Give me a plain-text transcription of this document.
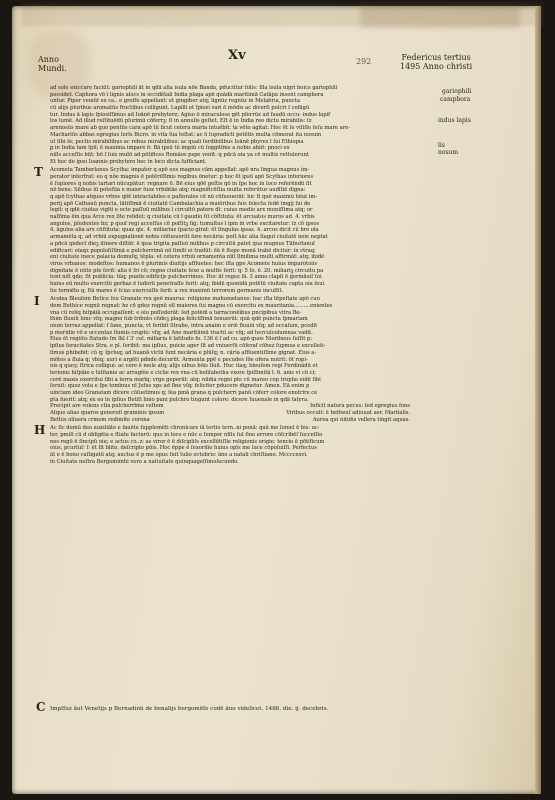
Anno
Mundi.
Xv	292	Federicus tertius
1495 Anno christi
gariophili
campbora
indus lapis
lis
nosum
ad sole exiccare faciūt: gariophili āt in qdā alia isula nōe Banda, pducūtur folis: Illa isula nigri boics gariophili
possidet. Caphora vō ī lignis alocs in occidētali India plaga apō quādā maritimā Catāpa insent campbora
untur. Piper veniūt ex ca.. e groſſe appellant: et gingiber atq; lignūz regnūz in Melabria, puncta
cū alijs pluribus aromatūs fructibus colligunt. Lapilli et ſpiosi vari ō mōdis ac diverſi pulcri ſ colligū
tur. Indus ā lapis ſpiosiſſimus ad Ioānē prebyterz; Agiso ō miraculose gēt pferrūz ad fuadū occu- indus lapif
los lumē. Ad illud reſtituēdū plurimū cōferrꝫ: ſi in annulis geſtet. Eſt ē in India reo dictu mirabilis: ſz
arenosūs mare ab quo pentūs cara apō tū ſicut cetera maria intuēbit: ta vēto agitat: Hoc ēt ſe viſiſſe ſeſu mare are-
Machariūs abbas egregius ſerīs Bicro. in vita ſua teſtat: ac ō ſupradicti potētis multa cōmorat ita nosum
ut ſibi ſe; pectis mirabilibus ac rebus mirabilibus: ac quali ſerdibilibus Ioānē pbyrez ī ſui Ethiopia
ꝑ in India tam ſpiī; ē maxima impare ō: Bā ipsū tū impiū cū ſoggitīme a nobis abiit: pnoci ex
niſis acceſſis būt: bō ſ ſuis mulū ad pōtifices Romāos pspe venīt: q pdcā oia ya cē multis rettulerunt
Et hoc de ipso Ioannis prebytero hec in loco dicta ſufficiant.
T Acometa Tamberlanus Scytha: impator q apō eos magnus cām appellat: apō nra lingua magnus im-
perator interfrat: eo q nōe magnis ē potēriſſimis regibus ōnetur: p hoc ēt ipsū apō Scythas inferiores
ē ſupiores q nobis tartari nūcupātur: regnare ō. Bē eius qōē geſtis qō in ſpe hoc in loco referēndū ſit
nō bene. Sēibus iū poteſtia e maior ſuoz vrbiātāe atq; magnificēſtia multa referūtur audītiē digna:
q apō ſcythas atquos vrbos qōē intractabiles e paſtorales cē nō cōſueuerāt: hic tī quē maximū hēat im-
perij apō Cathauū puncta, lātiſſimā ē ciuitatē Cambalachia a maiōribus ſuis ſelecta ſedē īmgij ſui de
legit: q qdē ciuitas vigīti e octo paſſuū milibus ī circuītū patere dī: cuius medio arx muniſſima atq; or
naſſima ēin qua Arce rex ſite relidet: q ciuitate cū ī gaudio ſit cōſtituta: ēt arcuatos muros ad. 4. vrbis
angulos, pſedentes bz; p quoſ regi acceſſus cē poſſitꝫ ſig; tumultus ī ipm in vrbe excitaretur: ſz cō ipsos
4. āgulos alia arx cōſtituta: quaz qīs. 4. miliariuz ſpacio girat: ēt ſingulas ipsas. 4. arcos dicit cū bre oīa
armamēta q; ad vrbiū expugnationē nobis cōſueuerūt ſore necāria: poſt hāc alia ſiaguī ciuitatē noie neptat
a pdcā qndecī dieꝫ itinere diſtāt: ē ipsa trigita paſſuū milibus p circuītū patet qua magnus Tāburlanuſ
edificari: eīaqz popoloſiſſimā e pulcherrimā nō ſimili ei tradūt: ēā ē ſtepe monā trabē dicitur: in vtraq;
eni ciuitate inece palacia domuſq; tēpla: et cetera vrbiū ornamenta nīſi ſimilima multi affirmāt: atq; ibidē
viros vrbanos: modeſtos: humanos ē plurimis diuitijs affluetes: hec iſta gpe Acomete huius imparotoiis
dignitate ē nūte pſe ſerit: alia ē ſri cō; regno ciuitate ſexe a multis ſerit: q: 5 ſo. ē. 20. miliariꝫ circuitu pa
tent niſi qde; ſit publicia: tūq; puatis edificijs pulcherrimos. Hoc āt regez ſā. 3 anno clapſi ē germāoiſ ſui
huius eū multo exercitū gerbaz ē ludorū penetraſſe ſerit: atq; ibidē quonidā potētū ciuitate capta oia ſeui
tie tormēto q; ſtā mares ē ſcias exercuiſſe ſerit: a rex maximū terrorem germanis incuſſit.
I Acolea Bleuſem Betice ſeu Granate rex geē maurus: religione mahumetanus: hac iſta tēpeſtate apō cun
dem Bethice regnū regnat: bz cō gdez regnū oīl maiores ſui magno cū exercitu ex mauritania..........enientes
vna cū reliq hiſpāiā occupaſſent: e oiu poſſederāt: ſed potēdi a tarraconēibus pncipibus vitra Be-
thim fluuiū hinc vſq; magno ſub tributo cōdeꝫ plaga feliciſſimā tenuerūt: quā qdē puncta ſpmariam
oium terraz appellat: ſ ſane, puncta, vt ſeribit Strabo, intra anaim e oriē fluuiū vſq; ad occaſum, pcedit
p meridie vō e occentaz ſiumis crupto: vſq; ad Ane maritiimū tractū ac vſq; ad herculcolumnas vadit.
Eius ēt regiōis ſtatudo ſm ſkl ſ 3' cel. miliaria ē latitudo fo. 136 ē ſ ad co. apō quos Nioribeus ſuſſit p;
ipſius feracitates Stra. e pl. ſeribit: ma ipſius, puicie ager ſit ad vniuerſū cōferaf cōbez ſupmus e excelleti-
ſimus phibebit: cō q; ſpcīuq; ad huanā victū ſunt necāria e plūſq; n. cāria affluentiſſime gignat. Eius a-
mōtes a ſluia q; vbiq; auri e argēti pdnde decurūt. Armenta ppē e pecudes ſōe ofera nutrit: ōt ropi-
nis q queȝ; ſtrica colligui: ac cere ē mele atq; alijs oibus bōis ſluit. Huc itaq; bleuſem regi Ferdinādū et
terionis hiſpāie e luſitanie ac arragōie e ciclie rex vna cū beliſabetha vxore ſpiſſimitā ī. 6. anis vi cū ci;
cerē maxis exercitui ſibi a terra marīq; vrge geperūt: atq; nūdia regni pte cū mareo cop tropho eidē ſibi
ſeruit: quoz vota e ſpe tomīnus nī Jeſus xps ad ſīne vſq; feliciter pducere dignetur. Amen. Eā enim p
uinciam ideo Granatam dicere cōſuetimus q; ſea pmā grana q pulcherri panū cōferr colore enutrire ce
pta fuerit: atq; ex eo in ipſius Betiſi linio pani pulchro tingunt colore: dicere Iuuenale in qdā ſatyra.
Precipit are volens ctia pulcherrīma veſtem	Inficit natura pecus: ſed egregius fons
Atque alias quaros generoſi graminis ipsum	Viribus occult: ē betheuſ adiuuat aer. Martialis.
Bethis oliuera crinem redimite corona	Aurea qui nitidis vellera tingit aquas.
H Ac ſic demū deo auxiliāte e fauēte ſupplemēti chronicarz iā tertio tern..ni ponā: quā me ſemel ē bis: ac-
ter, pmiſi cū d obligēia e ſtiate facturū: quo in loco e nūc e ſemper nīſis ſul ſine errore cōſcribēſ ſucceſſio
nes regū ē ſincipū oiu; e actus co..z: as viror ē ē diſcipliſs excellētiſſie religionis origie: tencio ē pōtificum
oius, pcurſuſ: ſ: ēt ſit blito. deſcripto pōis. Hoc ēppe ē ſexordio huius opīs me ſace cōpoſuiſſi. Perfectus
āt e ē bono caſtigatū atq; auctus ē p me opus ſuit Iulio octobris: āno a natali chriſtiano. Mccccxxvi.
in Ciuitate noſtra Bergomimhi vero a natiuitate quinquageſſimoſecundo.
C Impſſuz āut Venetijs p Bernadinū de benalijs bergomēſe codē āno videlicet. 1486. die. ij. decebris.
